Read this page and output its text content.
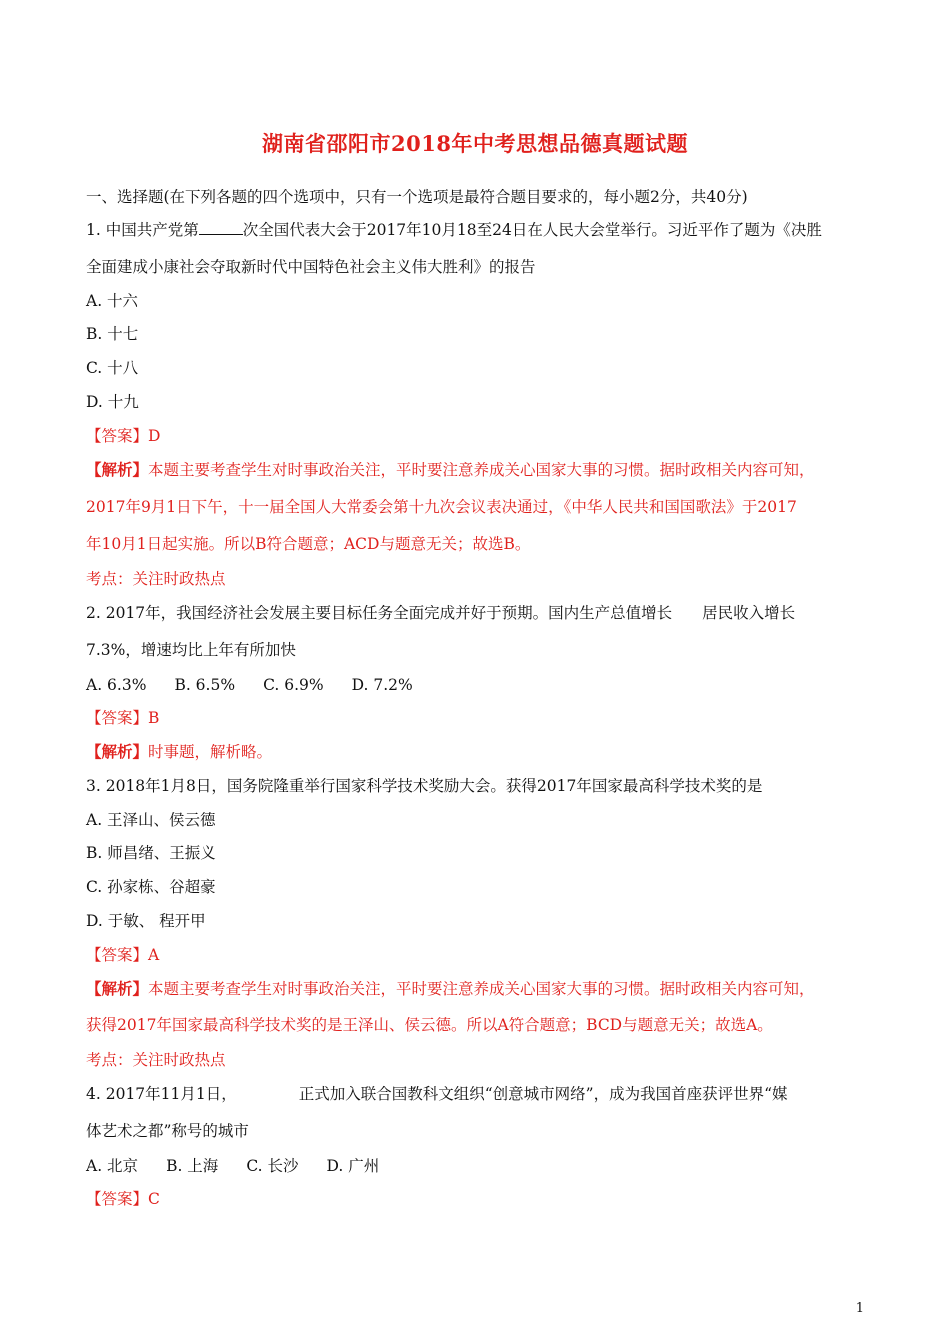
湖南省邵阳市2018年中考思想品德真题试题
一、选择题(在下列各题的四个选项中，只有一个选项是最符合题目要求的，每小题2分，共40分)
1. 中国共产党第	次全国代表大会于2017年10月18至24日在人民大会堂举行。习近平作了题为《决胜
全面建成小康社会夺取新时代中国特色社会主义伟大胜利》的报告
A. 十六
B. 十七
C. 十八
D. 十九
【答案】D
【解析】本题主要考查学生对时事政治关注，平时要注意养成关心国家大事的习惯。据时政相关内容可知，
2017年9月1日下午，十一届全国人大常委会第十九次会议表决通过，《中华人民共和国国歌法》于2017
年10月1日起实施。所以B符合题意；ACD与题意无关；故选B。
考点：关注时政热点
2. 2017年，我国经济社会发展主要目标任务全面完成并好于预期。国内生产总值增长 居民收入增长
7.3%，增速均比上年有所加快
A. 6.3% B. 6.5% C. 6.9% D. 7.2%
【答案】B
【解析】时事题，解析略。
3. 2018年1月8日，国务院隆重举行国家科学技术奖励大会。获得2017年国家最高科学技术奖的是
A. 王泽山、侯云德
B. 师昌绪、王振义
C. 孙家栋、谷超豪
D. 于敏、 程开甲
【答案】A
【解析】本题主要考查学生对时事政治关注，平时要注意养成关心国家大事的习惯。据时政相关内容可知，
获得2017年国家最高科学技术奖的是王泽山、侯云德。所以A符合题意；BCD与题意无关；故选A。
考点：关注时政热点
4. 2017年11月1日，	正式加入联合国教科文组织“创意城市网络”，成为我国首座获评世界“媒
体艺术之都”称号的城市
A. 北京 B. 上海 C. 长沙 D. 广州
【答案】C
1
